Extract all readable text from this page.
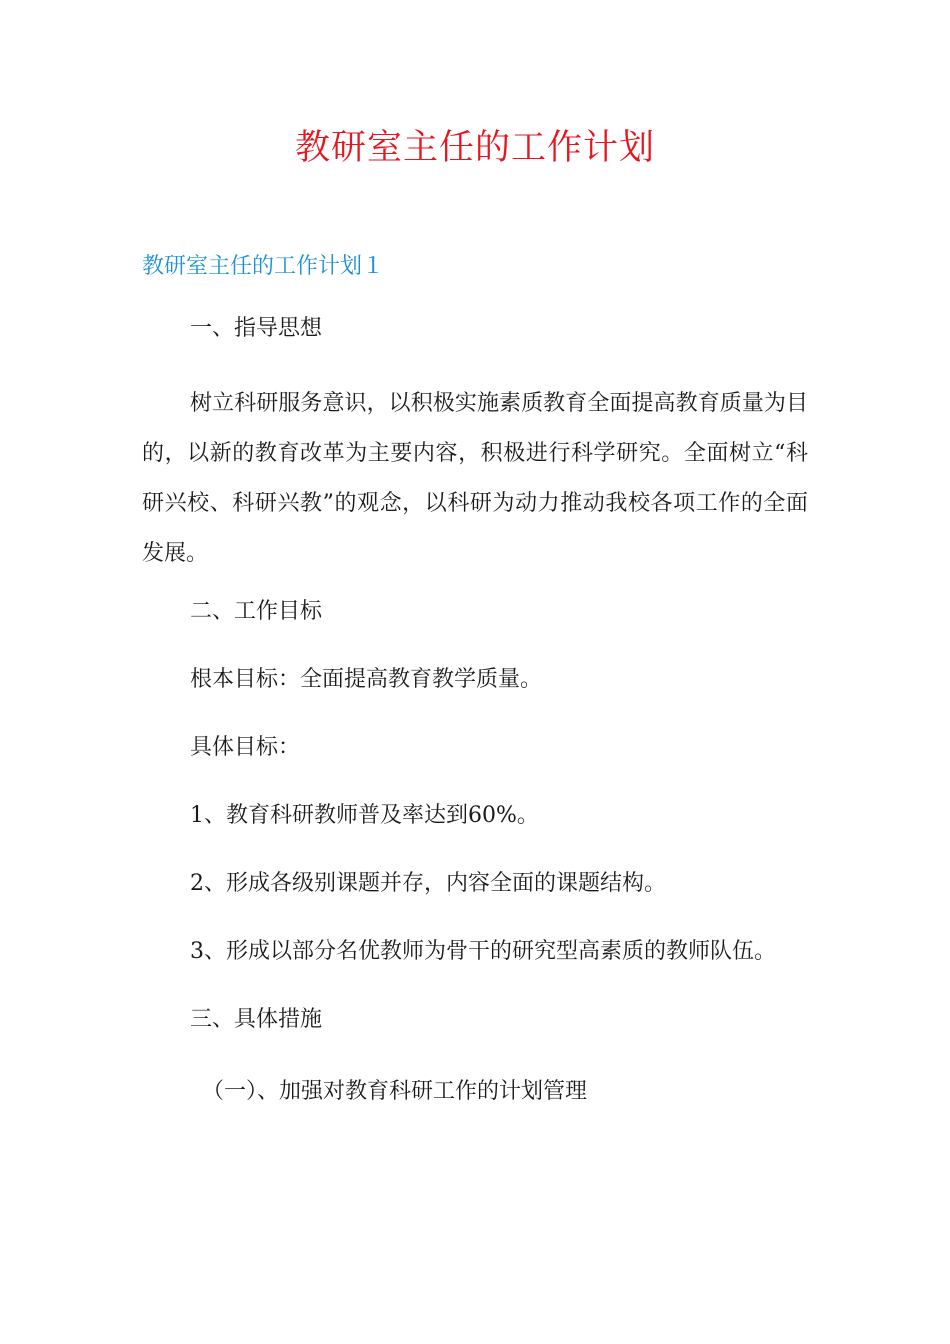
教研室主任的工作计划
教研室主任的工作计划１

一、指导思想

树立科研服务意识，以积极实施素质教育全面提高教育质量为目的，以新的教育改革为主要内容，积极进行科学研究。全面树立“科研兴校、科研兴教”的观念，以科研为动力推动我校各项工作的全面发展。

二、工作目标

根本目标：全面提高教育教学质量。

具体目标：

1、教育科研教师普及率达到60%。

2、形成各级别课题并存，内容全面的课题结构。

3、形成以部分名优教师为骨干的研究型高素质的教师队伍。

三、具体措施

（一）、加强对教育科研工作的计划管理
